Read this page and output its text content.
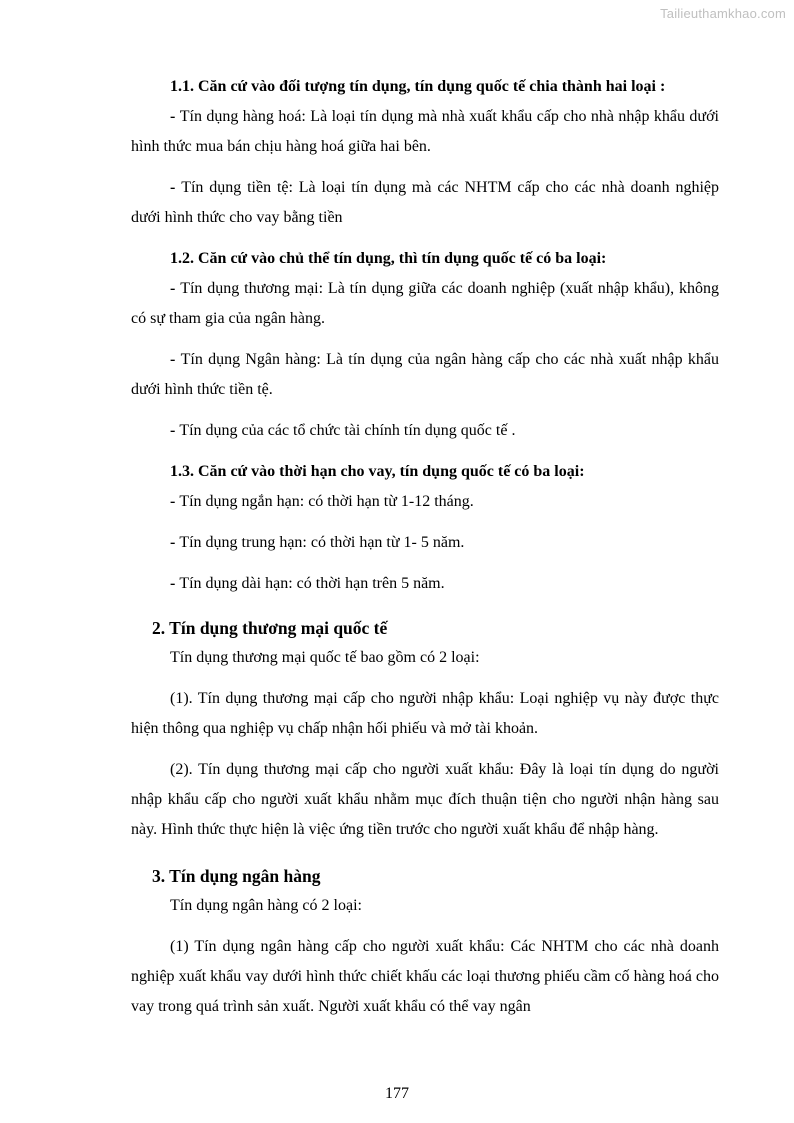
Tailieuthamkhao.com

1.1. Căn cứ vào đối tượng tín dụng, tín dụng quốc tế chia thành hai loại :

- Tín dụng hàng hoá: Là loại tín dụng mà nhà xuất khẩu cấp cho nhà nhập khẩu dưới hình thức mua bán chịu hàng hoá giữa hai bên.

- Tín dụng tiền tệ: Là loại tín dụng mà các NHTM cấp cho các nhà doanh nghiệp dưới hình thức cho vay bằng tiền

1.2. Căn cứ vào chủ thể tín dụng, thì tín dụng quốc tế có ba loại:

- Tín dụng thương mại: Là tín dụng giữa các doanh nghiệp (xuất nhập khẩu), không có sự tham gia của ngân hàng.

- Tín dụng Ngân hàng: Là tín dụng của ngân hàng cấp cho các nhà xuất nhập khẩu dưới hình thức tiền tệ.

- Tín dụng của các tổ chức tài chính tín dụng quốc tế .

1.3. Căn cứ vào thời hạn cho vay, tín dụng quốc tế có ba loại:

- Tín dụng ngắn hạn: có thời hạn từ 1-12 tháng.

- Tín dụng trung hạn: có thời hạn từ 1- 5 năm.

- Tín dụng dài hạn: có thời hạn trên 5 năm.

2. Tín dụng thương mại quốc tế

Tín dụng thương mại quốc tế bao gồm có 2 loại:

(1). Tín dụng thương mại cấp cho người nhập khẩu: Loại nghiệp vụ này được thực hiện thông qua nghiệp vụ chấp nhận hối phiếu và mở tài khoản.

(2). Tín dụng thương mại cấp cho người xuất khẩu: Đây là loại tín dụng do người nhập khẩu cấp cho người xuất khẩu nhằm mục đích thuận tiện cho người nhận hàng sau này. Hình thức thực hiện là việc ứng tiền trước cho người xuất khẩu để nhập hàng.

3. Tín dụng ngân hàng

Tín dụng ngân hàng có 2 loại:

(1) Tín dụng ngân hàng cấp cho người xuất khẩu: Các NHTM cho các nhà doanh nghiệp xuất khẩu vay dưới hình thức chiết khấu các loại thương phiếu cầm cố hàng hoá cho vay trong quá trình sản xuất. Người xuất khẩu có thể vay ngân

177
